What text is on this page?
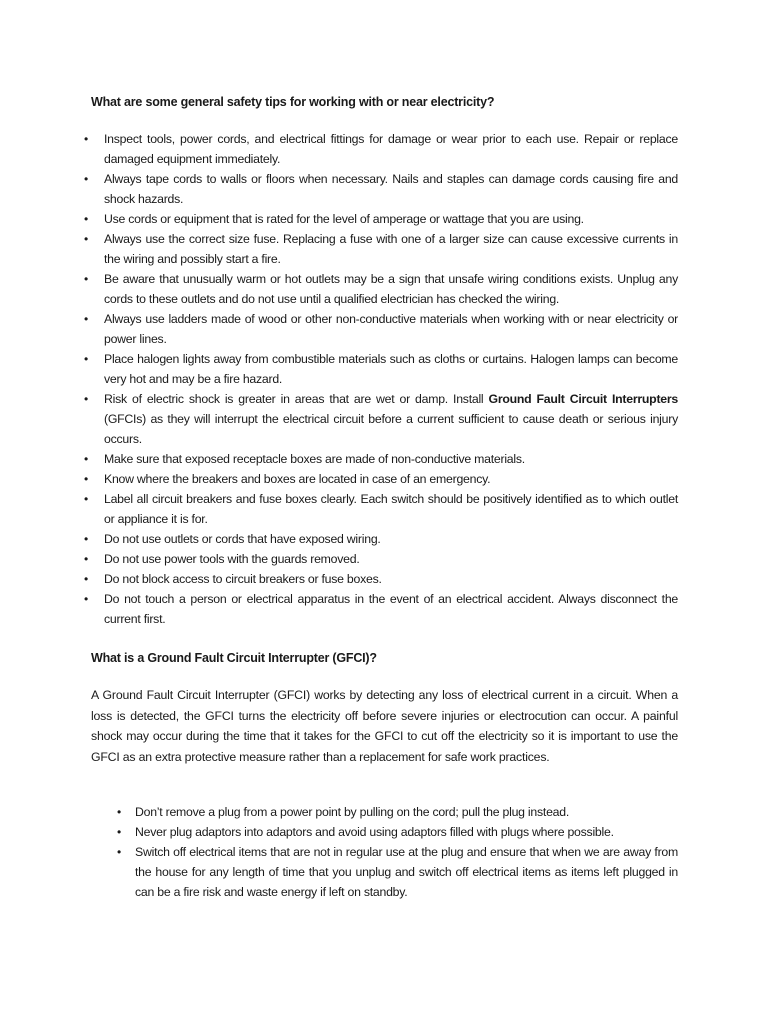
What are some general safety tips for working with or near electricity?
• Inspect tools, power cords, and electrical fittings for damage or wear prior to each use. Repair or replace damaged equipment immediately.
• Always tape cords to walls or floors when necessary. Nails and staples can damage cords causing fire and shock hazards.
• Use cords or equipment that is rated for the level of amperage or wattage that you are using.
• Always use the correct size fuse. Replacing a fuse with one of a larger size can cause excessive currents in the wiring and possibly start a fire.
• Be aware that unusually warm or hot outlets may be a sign that unsafe wiring conditions exists. Unplug any cords to these outlets and do not use until a qualified electrician has checked the wiring.
• Always use ladders made of wood or other non-conductive materials when working with or near electricity or power lines.
• Place halogen lights away from combustible materials such as cloths or curtains. Halogen lamps can become very hot and may be a fire hazard.
• Risk of electric shock is greater in areas that are wet or damp. Install Ground Fault Circuit Interrupters (GFCIs) as they will interrupt the electrical circuit before a current sufficient to cause death or serious injury occurs.
• Make sure that exposed receptacle boxes are made of non-conductive materials.
• Know where the breakers and boxes are located in case of an emergency.
• Label all circuit breakers and fuse boxes clearly. Each switch should be positively identified as to which outlet or appliance it is for.
• Do not use outlets or cords that have exposed wiring.
• Do not use power tools with the guards removed.
• Do not block access to circuit breakers or fuse boxes.
• Do not touch a person or electrical apparatus in the event of an electrical accident. Always disconnect the current first.
What is a Ground Fault Circuit Interrupter (GFCI)?

A Ground Fault Circuit Interrupter (GFCI) works by detecting any loss of electrical current in a circuit. When a loss is detected, the GFCI turns the electricity off before severe injuries or electrocution can occur. A painful shock may occur during the time that it takes for the GFCI to cut off the electricity so it is important to use the GFCI as an extra protective measure rather than a replacement for safe work practices.

• Don’t remove a plug from a power point by pulling on the cord; pull the plug instead.
• Never plug adaptors into adaptors and avoid using adaptors filled with plugs where possible.
• Switch off electrical items that are not in regular use at the plug and ensure that when we are away from the house for any length of time that you unplug and switch off electrical items as items left plugged in can be a fire risk and waste energy if left on standby.
